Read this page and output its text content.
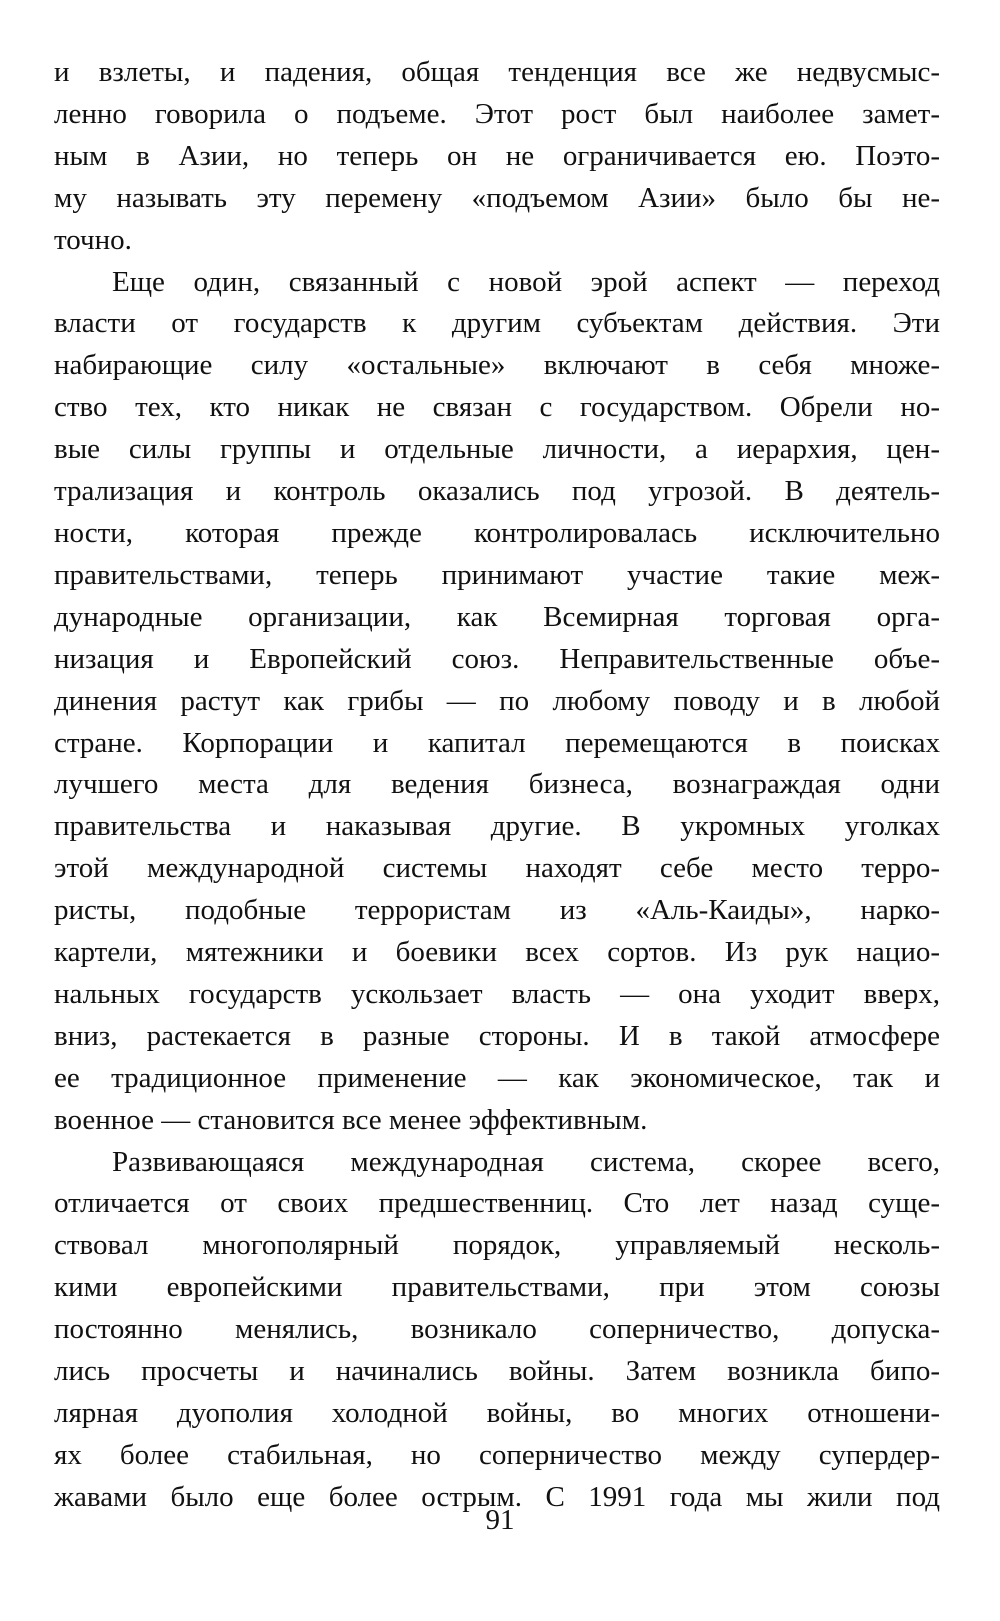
и взлеты, и падения, общая тенденция все же недвусмыс-
ленно говорила о подъеме. Этот рост был наиболее замет-
ным в Азии, но теперь он не ограничивается ею. Поэто-
му называть эту перемену «подъемом Азии» было бы не-
точно.
Еще один, связанный с новой эрой аспект — переход
власти от государств к другим субъектам действия. Эти
набирающие силу «остальные» включают в себя множе-
ство тех, кто никак не связан с государством. Обрели но-
вые силы группы и отдельные личности, а иерархия, цен-
трализация и контроль оказались под угрозой. В деятель-
ности, которая прежде контролировалась исключительно
правительствами, теперь принимают участие такие меж-
дународные организации, как Всемирная торговая орга-
низация и Европейский союз. Неправительственные объе-
динения растут как грибы — по любому поводу и в любой
стране. Корпорации и капитал перемещаются в поисках
лучшего места для ведения бизнеса, вознаграждая одни
правительства и наказывая другие. В укромных уголках
этой международной системы находят себе место терро-
ристы, подобные террористам из «Аль-Каиды», нарко-
картели, мятежники и боевики всех сортов. Из рук нацио-
нальных государств ускользает власть — она уходит вверх,
вниз, растекается в разные стороны. И в такой атмосфере
ее традиционное применение — как экономическое, так и
военное — становится все менее эффективным.
Развивающаяся международная система, скорее всего,
отличается от своих предшественниц. Сто лет назад суще-
ствовал многополярный порядок, управляемый несколь-
кими европейскими правительствами, при этом союзы
постоянно менялись, возникало соперничество, допуска-
лись просчеты и начинались войны. Затем возникла бипо-
лярная дуополия холодной войны, во многих отношени-
ях более стабильная, но соперничество между супердер-
жавами было еще более острым. С 1991 года мы жили под
91
